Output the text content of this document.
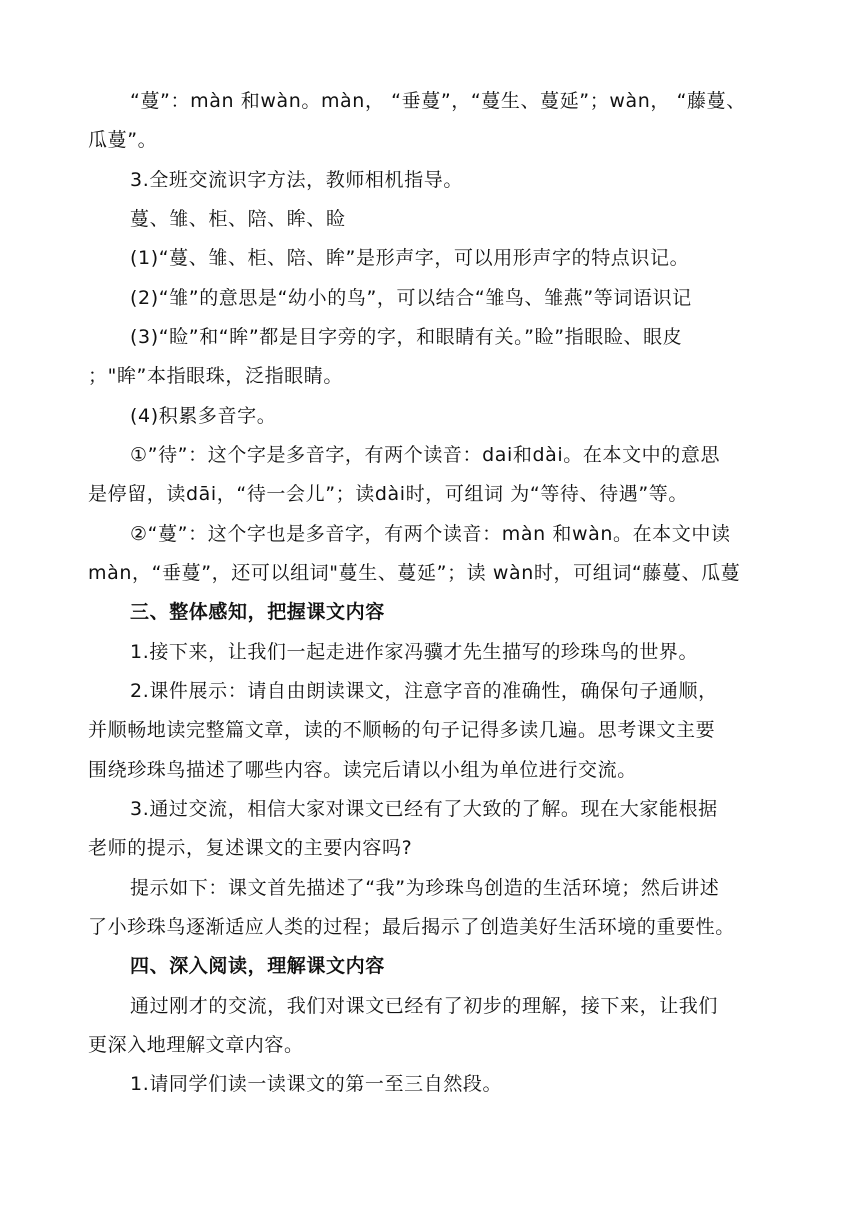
“蔓”：màn 和wàn。màn， “垂蔓”，“蔓生、蔓延”；wàn， “藤蔓、
瓜蔓”。
3.全班交流识字方法，教师相机指导。
蔓、雏、柜、陪、眸、睑
(1)“蔓、雏、柜、陪、眸”是形声字，可以用形声字的特点识记。
(2)“雏”的意思是“幼小的鸟”，可以结合“雏鸟、雏燕”等词语识记
(3)“睑”和“眸”都是目字旁的字，和眼睛有关。”睑”指眼睑、眼皮
；"眸”本指眼珠，泛指眼睛。
(4)积累多音字。
①”待”：这个字是多音字，有两个读音：dai和dài。在本文中的意思
是停留，读dāi，“待一会儿”；读dài时，可组词 为“等待、待遇”等。
②“蔓”：这个字也是多音字，有两个读音：màn 和wàn。在本文中读
màn，“垂蔓”，还可以组词"蔓生、蔓延”；读 wàn时，可组词“藤蔓、瓜蔓
三、整体感知，把握课文内容
1.接下来，让我们一起走进作家冯骥才先生描写的珍珠鸟的世界。
2.课件展示：请自由朗读课文，注意字音的准确性，确保句子通顺，
并顺畅地读完整篇文章，读的不顺畅的句子记得多读几遍。思考课文主要
围绕珍珠鸟描述了哪些内容。读完后请以小组为单位进行交流。
3.通过交流，相信大家对课文已经有了大致的了解。现在大家能根据
老师的提示，复述课文的主要内容吗?
提示如下：课文首先描述了“我”为珍珠鸟创造的生活环境；然后讲述
了小珍珠鸟逐渐适应人类的过程；最后揭示了创造美好生活环境的重要性。
四、深入阅读，理解课文内容
通过刚才的交流，我们对课文已经有了初步的理解，接下来，让我们
更深入地理解文章内容。
1.请同学们读一读课文的第一至三自然段。
